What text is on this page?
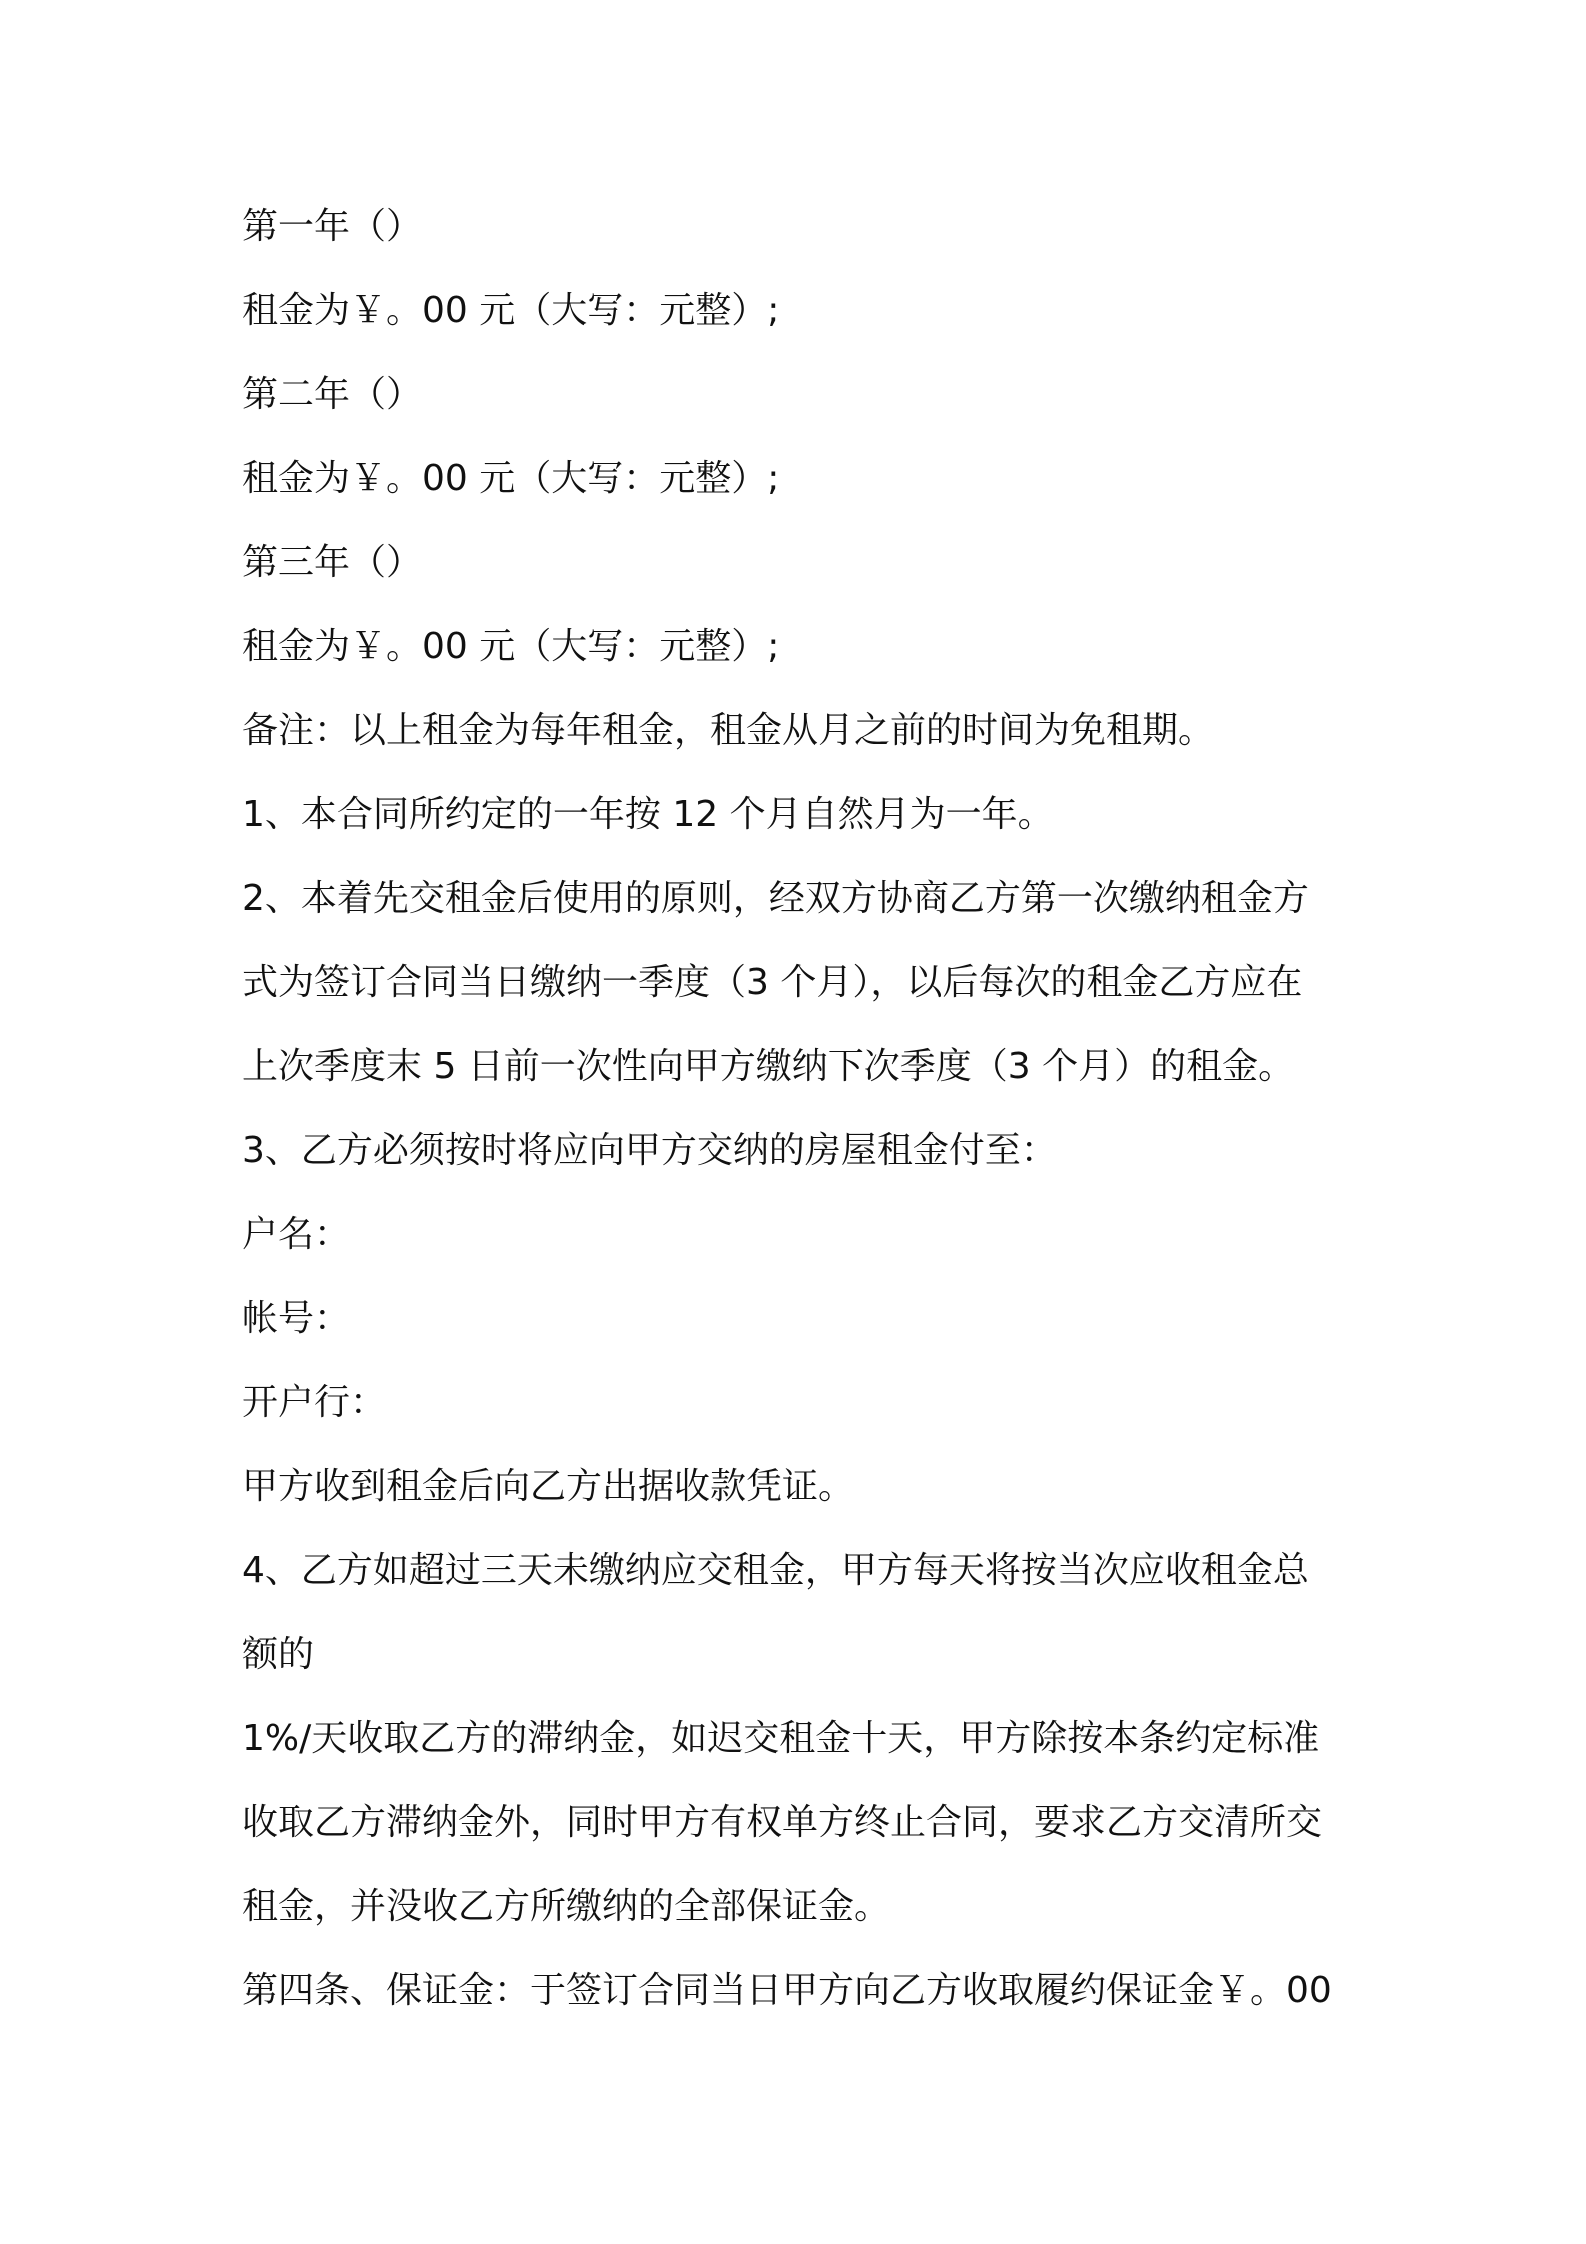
第一年（）

租金为￥。00 元（大写：元整）;

第二年（）

租金为￥。00 元（大写：元整）;

第三年（）

租金为￥。00 元（大写：元整）;

备注：以上租金为每年租金，租金从月之前的时间为免租期。

1、本合同所约定的一年按 12 个月自然月为一年。

2、本着先交租金后使用的原则，经双方协商乙方第一次缴纳租金方

式为签订合同当日缴纳一季度（3 个月），以后每次的租金乙方应在

上次季度末 5 日前一次性向甲方缴纳下次季度（3 个月）的租金。

3、乙方必须按时将应向甲方交纳的房屋租金付至：

户名：

帐号：

开户行：

甲方收到租金后向乙方出据收款凭证。

4、乙方如超过三天未缴纳应交租金，甲方每天将按当次应收租金总

额的

1%/天收取乙方的滞纳金，如迟交租金十天，甲方除按本条约定标准

收取乙方滞纳金外，同时甲方有权单方终止合同，要求乙方交清所交

租金，并没收乙方所缴纳的全部保证金。

第四条、保证金：于签订合同当日甲方向乙方收取履约保证金￥。00
